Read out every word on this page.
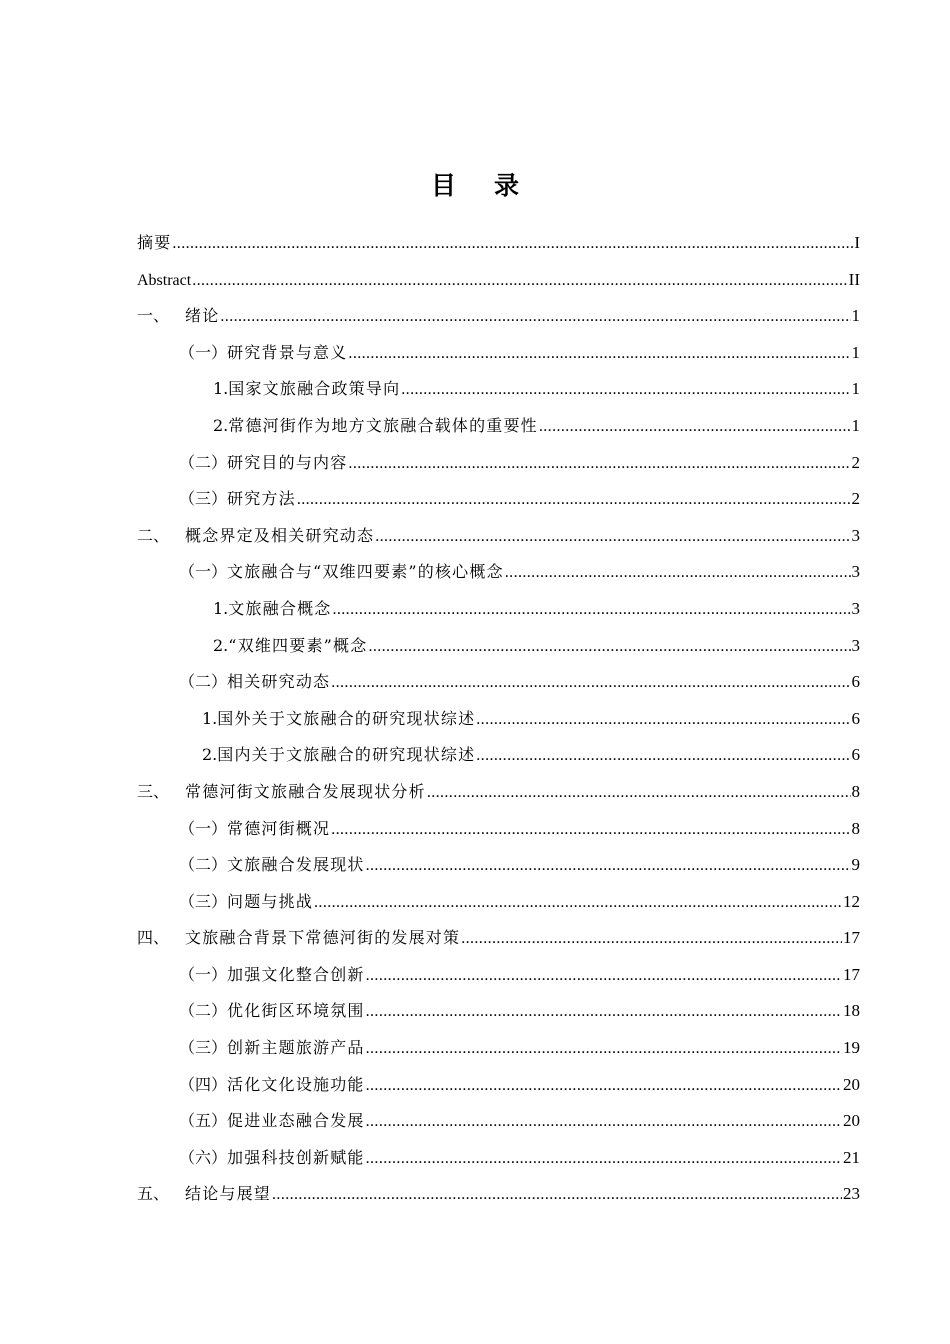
目 录
摘要 .....	I
Abstract .....	II
一、 绪论 .....	1
（一） 研究背景与意义 .....	1
1. 国家文旅融合政策导向 .....	1
2. 常德河街作为地方文旅融合载体的重要性 .....	1
（二） 研究目的与内容 .....	2
（三） 研究方法 .....	2
二、 概念界定及相关研究动态 .....	3
（一） 文旅融合与“双维四要素”的核心概念 .....	3
1. 文旅融合概念 .....	3
2. “双维四要素”概念 .....	3
（二） 相关研究动态 .....	6
1. 国外关于文旅融合的研究现状综述 .....	6
2. 国内关于文旅融合的研究现状综述 .....	6
三、 常德河街文旅融合发展现状分析 .....	8
（一） 常德河街概况 .....	8
（二） 文旅融合发展现状 .....	9
（三） 问题与挑战 .....	12
四、 文旅融合背景下常德河街的发展对策 .....	17
（一） 加强文化整合创新 .....	17
（二） 优化街区环境氛围 .....	18
（三） 创新主题旅游产品 .....	19
（四） 活化文化设施功能 .....	20
（五） 促进业态融合发展 .....	20
（六） 加强科技创新赋能 .....	21
五、 结论与展望 .....	23
